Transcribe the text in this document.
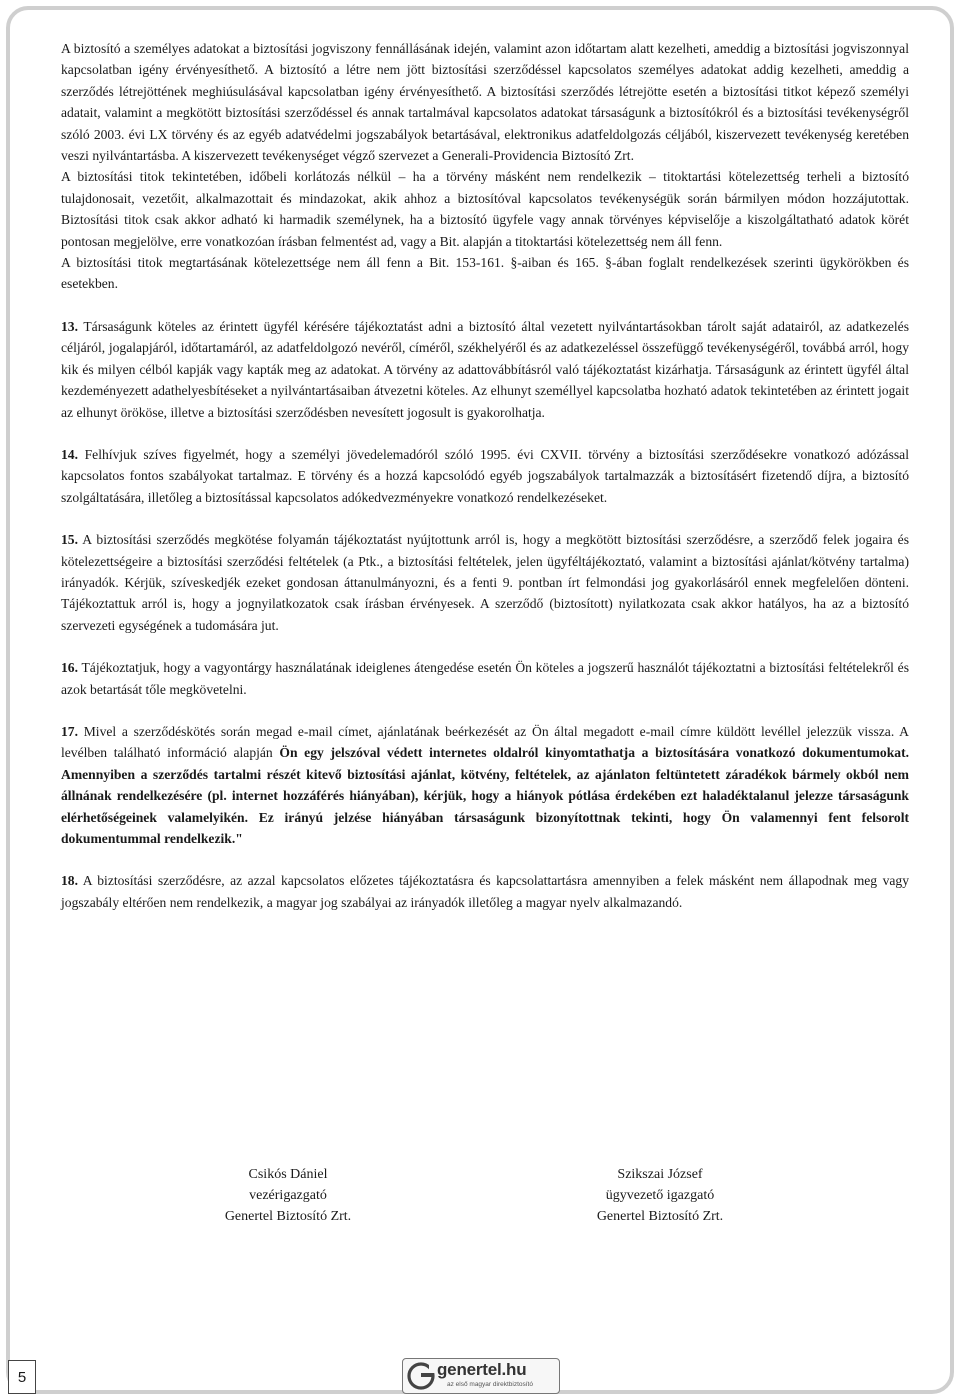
A biztosító a személyes adatokat a biztosítási jogviszony fennállásának idején, valamint azon időtartam alatt kezelheti, ameddig a biztosítási jogviszonnyal kapcsolatban igény érvényesíthető. A biztosító a létre nem jött biztosítási szerződéssel kapcsolatos személyes adatokat addig kezelheti, ameddig a szerződés létrejöttének meghiúsulásával kapcsolatban igény érvényesíthető. A biztosítási szerződés létrejötte esetén a biztosítási titkot képező személyi adatait, valamint a megkötött biztosítási szerződéssel és annak tartalmával kapcsolatos adatokat társaságunk a biztosítókról és a biztosítási tevékenységről szóló 2003. évi LX törvény és az egyéb adatvédelmi jogszabályok betartásával, elektronikus adatfeldolgozás céljából, kiszervezett tevékenység keretében veszi nyilvántartásba. A kiszervezett tevékenységet végző szervezet a Generali-Providencia Biztosító Zrt.

A biztosítási titok tekintetében, időbeli korlátozás nélkül – ha a törvény másként nem rendelkezik – titoktartási kötelezettség terheli a biztosító tulajdonosait, vezetőit, alkalmazottait és mindazokat, akik ahhoz a biztosítóval kapcsolatos tevékenységük során bármilyen módon hozzájutottak. Biztosítási titok csak akkor adható ki harmadik személynek, ha a biztosító ügyfele vagy annak törvényes képviselője a kiszolgáltatható adatok körét pontosan megjelölve, erre vonatkozóan írásban felmentést ad, vagy a Bit. alapján a titoktartási kötelezettség nem áll fenn.

A biztosítási titok megtartásának kötelezettsége nem áll fenn a Bit. 153-161. §-aiban és 165. §-ában foglalt rendelkezések szerinti ügykörökben és esetekben.

13. Társaságunk köteles az érintett ügyfél kérésére tájékoztatást adni a biztosító által vezetett nyilvántartásokban tárolt saját adatairól, az adatkezelés céljáról, jogalapjáról, időtartamáról, az adatfeldolgozó nevéről, címéről, székhelyéről és az adatkezeléssel összefüggő tevékenységéről, továbbá arról, hogy kik és milyen célból kapják vagy kapták meg az adatokat. A törvény az adattovábbításról való tájékoztatást kizárhatja. Társaságunk az érintett ügyfél által kezdeményezett adathelyesbítéseket a nyilvántartásaiban átvezetni köteles. Az elhunyt személlyel kapcsolatba hozható adatok tekintetében az érintett jogait az elhunyt örököse, illetve a biztosítási szerződésben nevesített jogosult is gyakorolhatja.

14. Felhívjuk szíves figyelmét, hogy a személyi jövedelemadóról szóló 1995. évi CXVII. törvény a biztosítási szerződésekre vonatkozó adózással kapcsolatos fontos szabályokat tartalmaz. E törvény és a hozzá kapcsolódó egyéb jogszabályok tartalmazzák a biztosításért fizetendő díjra, a biztosító szolgáltatására, illetőleg a biztosítással kapcsolatos adókedvezményekre vonatkozó rendelkezéseket.

15. A biztosítási szerződés megkötése folyamán tájékoztatást nyújtottunk arról is, hogy a megkötött biztosítási szerződésre, a szerződő felek jogaira és kötelezettségeire a biztosítási szerződési feltételek (a Ptk., a biztosítási feltételek, jelen ügyféltájékoztató, valamint a biztosítási ajánlat/kötvény tartalma) irányadók. Kérjük, szíveskedjék ezeket gondosan áttanulmányozni, és a fenti 9. pontban írt felmondási jog gyakorlásáról ennek megfelelően dönteni. Tájékoztattuk arról is, hogy a jognyilatkozatok csak írásban érvényesek. A szerződő (biztosított) nyilatkozata csak akkor hatályos, ha az a biztosító szervezeti egységének a tudomására jut.

16. Tájékoztatjuk, hogy a vagyontárgy használatának ideiglenes átengedése esetén Ön köteles a jogszerű használót tájékoztatni a biztosítási feltételekről és azok betartását tőle megkövetelni.

17. Mivel a szerződéskötés során megad e-mail címet, ajánlatának beérkezését az Ön által megadott e-mail címre küldött levéllel jelezzük vissza. A levélben található információ alapján Ön egy jelszóval védett internetes oldalról kinyomtathatja a biztosítására vonatkozó dokumentumokat. Amennyiben a szerződés tartalmi részét kitevő biztosítási ajánlat, kötvény, feltételek, az ajánlaton feltüntetett záradékok bármely okból nem állnának rendelkezésére (pl. internet hozzáférés hiányában), kérjük, hogy a hiányok pótlása érdekében ezt haladéktalanul jelezze társaságunk elérhetőségeinek valamelyikén. Ez irányú jelzése hiányában társaságunk bizonyítottnak tekinti, hogy Ön valamennyi fent felsorolt dokumentummal rendelkezik."

18. A biztosítási szerződésre, az azzal kapcsolatos előzetes tájékoztatásra és kapcsolattartásra amennyiben a felek másként nem állapodnak meg vagy jogszabály eltérően nem rendelkezik, a magyar jog szabályai az irányadók illetőleg a magyar nyelv alkalmazandó.

Csikós Dániel
vezérigazgató
Genertel Biztosító Zrt.
Szikszai József
ügyvezető igazgató
Genertel Biztosító Zrt.
5	genertel.hu
az első magyar direktbiztosító
